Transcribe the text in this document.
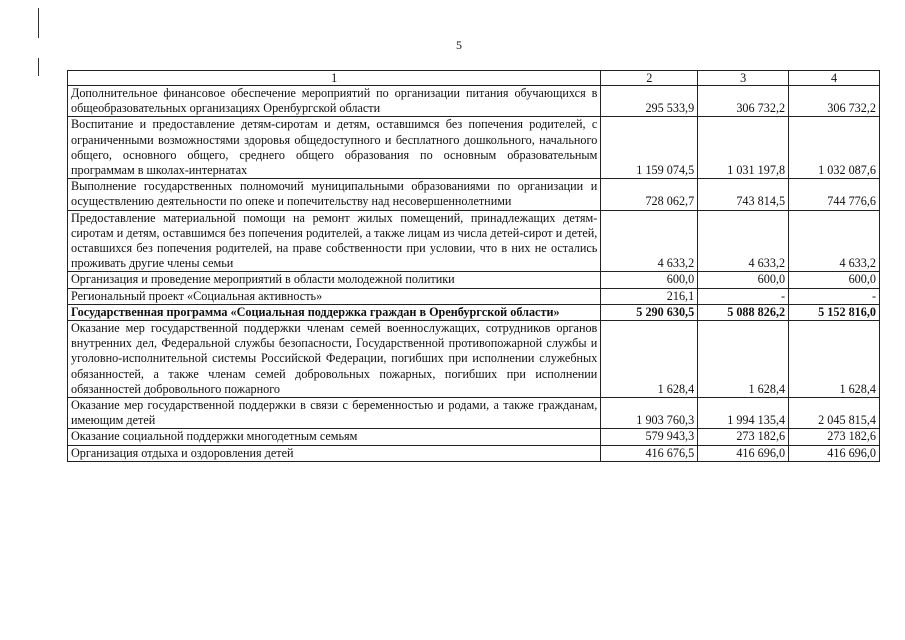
5
1	2	3	4
Дополнительное финансовое обеспечение мероприятий по организации питания обучающихся в общеобразовательных организациях Оренбургской области	295 533,9	306 732,2	306 732,2
Воспитание и предоставление детям-сиротам и детям, оставшимся без попечения родителей, с ограниченными возможностями здоровья общедоступного и бесплатного дошкольного, начального общего, основного общего, среднего общего образования по основным образовательным программам в школах-интернатах	1 159 074,5	1 031 197,8	1 032 087,6
Выполнение государственных полномочий муниципальными образованиями по организации и осуществлению деятельности по опеке и попечительству над несовершеннолетними	728 062,7	743 814,5	744 776,6
Предоставление материальной помощи на ремонт жилых помещений, принадлежащих детям-сиротам и детям, оставшимся без попечения родителей, а также лицам из числа детей-сирот и детей, оставшихся без попечения родителей, на праве собственности при условии, что в них не остались проживать другие члены семьи	4 633,2	4 633,2	4 633,2
Организация и проведение мероприятий в области молодежной политики	600,0	600,0	600,0
Региональный проект «Социальная активность»	216,1	-	-
Государственная программа «Социальная поддержка граждан в Оренбургской области»	5 290 630,5	5 088 826,2	5 152 816,0
Оказание мер государственной поддержки членам семей военнослужащих, сотрудников органов внутренних дел, Федеральной службы безопасности, Государственной противопожарной службы и уголовно-исполнительной системы Российской Федерации, погибших при исполнении служебных обязанностей, а также членам семей добровольных пожарных, погибших при исполнении обязанностей добровольного пожарного	1 628,4	1 628,4	1 628,4
Оказание мер государственной поддержки в связи с беременностью и родами, а также гражданам, имеющим детей	1 903 760,3	1 994 135,4	2 045 815,4
Оказание социальной поддержки многодетным семьям	579 943,3	273 182,6	273 182,6
Организация отдыха и оздоровления детей	416 676,5	416 696,0	416 696,0
